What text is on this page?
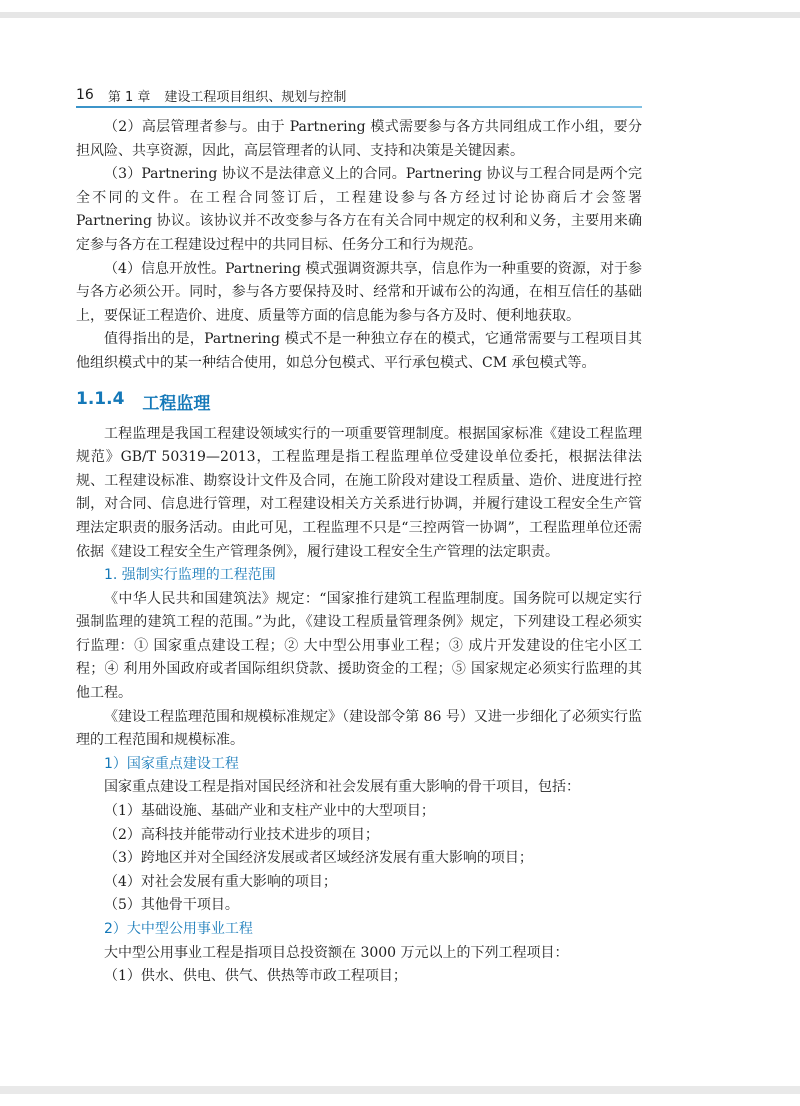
16 第 1 章 建设工程项目组织、规划与控制

（2）高层管理者参与。由于 Partnering 模式需要参与各方共同组成工作小组，要分担风险、共享资源，因此，高层管理者的认同、支持和决策是关键因素。

（3）Partnering 协议不是法律意义上的合同。Partnering 协议与工程合同是两个完全不同的文件。在工程合同签订后，工程建设参与各方经过讨论协商后才会签署 Partnering 协议。该协议并不改变参与各方在有关合同中规定的权利和义务，主要用来确定参与各方在工程建设过程中的共同目标、任务分工和行为规范。

（4）信息开放性。Partnering 模式强调资源共享，信息作为一种重要的资源，对于参与各方必须公开。同时，参与各方要保持及时、经常和开诚布公的沟通，在相互信任的基础上，要保证工程造价、进度、质量等方面的信息能为参与各方及时、便利地获取。

值得指出的是，Partnering 模式不是一种独立存在的模式，它通常需要与工程项目其他组织模式中的某一种结合使用，如总分包模式、平行承包模式、CM 承包模式等。

1.1.4 工程监理

工程监理是我国工程建设领域实行的一项重要管理制度。根据国家标准《建设工程监理规范》GB/T 50319—2013，工程监理是指工程监理单位受建设单位委托，根据法律法规、工程建设标准、勘察设计文件及合同，在施工阶段对建设工程质量、造价、进度进行控制，对合同、信息进行管理，对工程建设相关方关系进行协调，并履行建设工程安全生产管理法定职责的服务活动。由此可见，工程监理不只是“三控两管一协调”，工程监理单位还需依据《建设工程安全生产管理条例》，履行建设工程安全生产管理的法定职责。

1. 强制实行监理的工程范围

《中华人民共和国建筑法》规定：“国家推行建筑工程监理制度。国务院可以规定实行强制监理的建筑工程的范围。”为此，《建设工程质量管理条例》规定，下列建设工程必须实行监理：① 国家重点建设工程；② 大中型公用事业工程；③ 成片开发建设的住宅小区工程；④ 利用外国政府或者国际组织贷款、援助资金的工程；⑤ 国家规定必须实行监理的其他工程。

《建设工程监理范围和规模标准规定》（建设部令第 86 号）又进一步细化了必须实行监理的工程范围和规模标准。

1）国家重点建设工程

国家重点建设工程是指对国民经济和社会发展有重大影响的骨干项目，包括：

（1）基础设施、基础产业和支柱产业中的大型项目；

（2）高科技并能带动行业技术进步的项目；

（3）跨地区并对全国经济发展或者区域经济发展有重大影响的项目；

（4）对社会发展有重大影响的项目；

（5）其他骨干项目。

2）大中型公用事业工程

大中型公用事业工程是指项目总投资额在 3000 万元以上的下列工程项目：

（1）供水、供电、供气、供热等市政工程项目；
